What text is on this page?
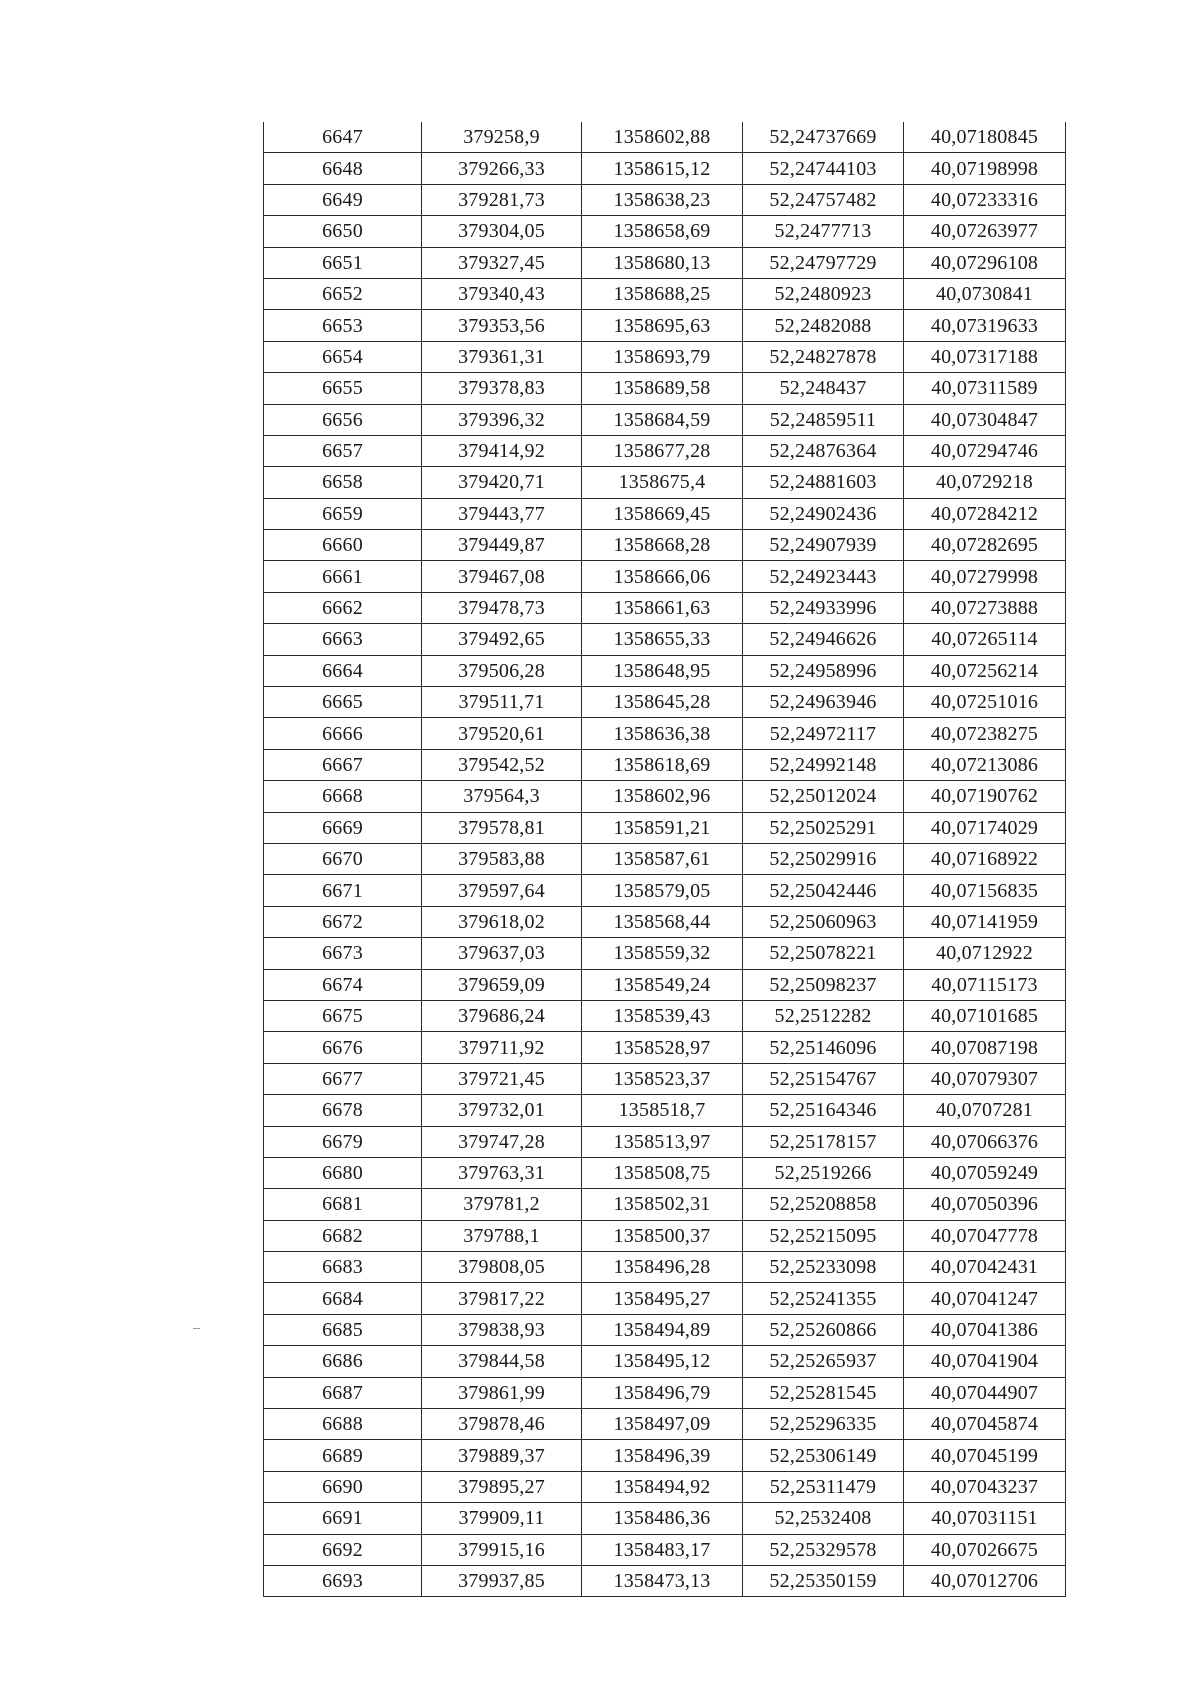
6647	379258,9	1358602,88	52,24737669	40,07180845
6648	379266,33	1358615,12	52,24744103	40,07198998
6649	379281,73	1358638,23	52,24757482	40,07233316
6650	379304,05	1358658,69	52,2477713	40,07263977
6651	379327,45	1358680,13	52,24797729	40,07296108
6652	379340,43	1358688,25	52,2480923	40,0730841
6653	379353,56	1358695,63	52,2482088	40,07319633
6654	379361,31	1358693,79	52,24827878	40,07317188
6655	379378,83	1358689,58	52,248437	40,07311589
6656	379396,32	1358684,59	52,24859511	40,07304847
6657	379414,92	1358677,28	52,24876364	40,07294746
6658	379420,71	1358675,4	52,24881603	40,0729218
6659	379443,77	1358669,45	52,24902436	40,07284212
6660	379449,87	1358668,28	52,24907939	40,07282695
6661	379467,08	1358666,06	52,24923443	40,07279998
6662	379478,73	1358661,63	52,24933996	40,07273888
6663	379492,65	1358655,33	52,24946626	40,07265114
6664	379506,28	1358648,95	52,24958996	40,07256214
6665	379511,71	1358645,28	52,24963946	40,07251016
6666	379520,61	1358636,38	52,24972117	40,07238275
6667	379542,52	1358618,69	52,24992148	40,07213086
6668	379564,3	1358602,96	52,25012024	40,07190762
6669	379578,81	1358591,21	52,25025291	40,07174029
6670	379583,88	1358587,61	52,25029916	40,07168922
6671	379597,64	1358579,05	52,25042446	40,07156835
6672	379618,02	1358568,44	52,25060963	40,07141959
6673	379637,03	1358559,32	52,25078221	40,0712922
6674	379659,09	1358549,24	52,25098237	40,07115173
6675	379686,24	1358539,43	52,2512282	40,07101685
6676	379711,92	1358528,97	52,25146096	40,07087198
6677	379721,45	1358523,37	52,25154767	40,07079307
6678	379732,01	1358518,7	52,25164346	40,0707281
6679	379747,28	1358513,97	52,25178157	40,07066376
6680	379763,31	1358508,75	52,2519266	40,07059249
6681	379781,2	1358502,31	52,25208858	40,07050396
6682	379788,1	1358500,37	52,25215095	40,07047778
6683	379808,05	1358496,28	52,25233098	40,07042431
6684	379817,22	1358495,27	52,25241355	40,07041247
6685	379838,93	1358494,89	52,25260866	40,07041386
6686	379844,58	1358495,12	52,25265937	40,07041904
6687	379861,99	1358496,79	52,25281545	40,07044907
6688	379878,46	1358497,09	52,25296335	40,07045874
6689	379889,37	1358496,39	52,25306149	40,07045199
6690	379895,27	1358494,92	52,25311479	40,07043237
6691	379909,11	1358486,36	52,2532408	40,07031151
6692	379915,16	1358483,17	52,25329578	40,07026675
6693	379937,85	1358473,13	52,25350159	40,07012706
